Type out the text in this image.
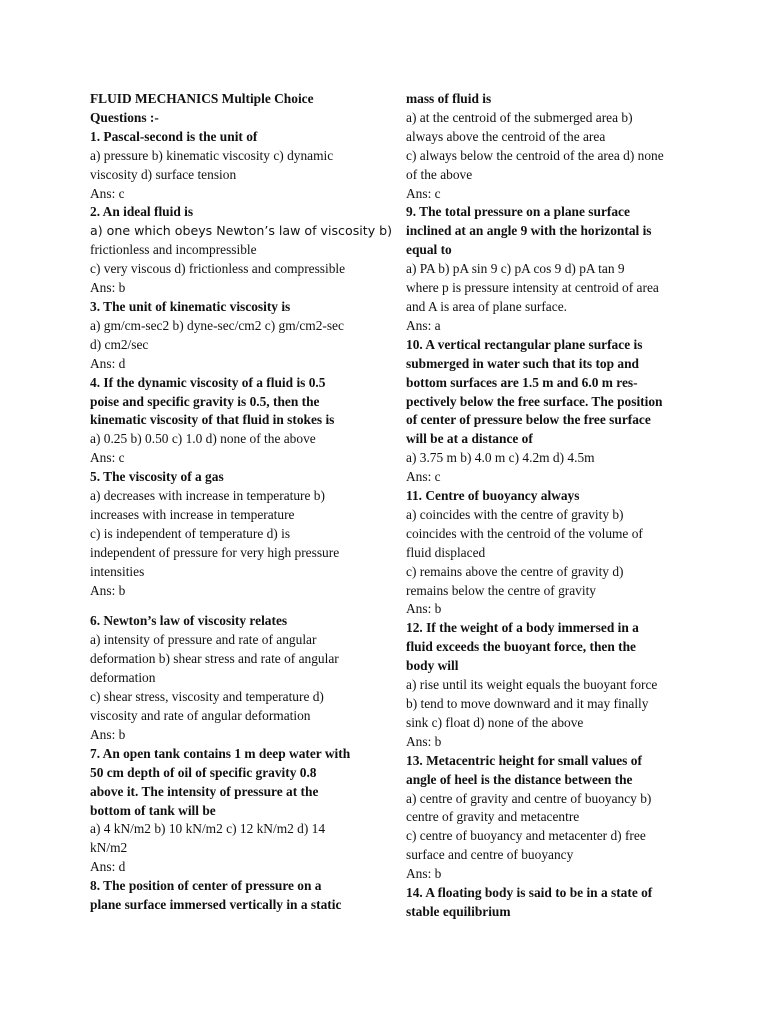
FLUID MECHANICS Multiple Choice
Questions :-
1. Pascal-second is the unit of
a) pressure b) kinematic viscosity c) dynamic
viscosity d) surface tension
Ans: c
2. An ideal fluid is
a) one which obeys Newton’s law of viscosity b)
frictionless and incompressible
c) very viscous d) frictionless and compressible
Ans: b
3. The unit of kinematic viscosity is
a) gm/cm-sec2 b) dyne-sec/cm2 c) gm/cm2-sec
d) cm2/sec
Ans: d
4. If the dynamic viscosity of a fluid is 0.5
poise and specific gravity is 0.5, then the
kinematic viscosity of that fluid in stokes is
a) 0.25 b) 0.50 c) 1.0 d) none of the above
Ans: c
5. The viscosity of a gas
a) decreases with increase in temperature b)
increases with increase in temperature
c) is independent of temperature d) is
independent of pressure for very high pressure
intensities
Ans: b
6. Newton’s law of viscosity relates
a) intensity of pressure and rate of angular
deformation b) shear stress and rate of angular
deformation
c) shear stress, viscosity and temperature d)
viscosity and rate of angular deformation
Ans: b
7. An open tank contains 1 m deep water with
50 cm depth of oil of specific gravity 0.8
above it. The intensity of pressure at the
bottom of tank will be
a) 4 kN/m2 b) 10 kN/m2 c) 12 kN/m2 d) 14
kN/m2
Ans: d
8. The position of center of pressure on a
plane surface immersed vertically in a static
mass of fluid is
a) at the centroid of the submerged area b)
always above the centroid of the area
c) always below the centroid of the area d) none
of the above
Ans: c
9. The total pressure on a plane surface
inclined at an angle 9 with the horizontal is
equal to
a) PA b) pA sin 9 c) pA cos 9 d) pA tan 9
where p is pressure intensity at centroid of area
and A is area of plane surface.
Ans: a
10. A vertical rectangular plane surface is
submerged in water such that its top and
bottom surfaces are 1.5 m and 6.0 m res-
pectively below the free surface. The position
of center of pressure below the free surface
will be at a distance of
a) 3.75 m b) 4.0 m c) 4.2m d) 4.5m
Ans: c
11. Centre of buoyancy always
a) coincides with the centre of gravity b)
coincides with the centroid of the volume of
fluid displaced
c) remains above the centre of gravity d)
remains below the centre of gravity
Ans: b
12. If the weight of a body immersed in a
fluid exceeds the buoyant force, then the
body will
a) rise until its weight equals the buoyant force
b) tend to move downward and it may finally
sink c) float d) none of the above
Ans: b
13. Metacentric height for small values of
angle of heel is the distance between the
a) centre of gravity and centre of buoyancy b)
centre of gravity and metacentre
c) centre of buoyancy and metacenter d) free
surface and centre of buoyancy
Ans: b
14. A floating body is said to be in a state of
stable equilibrium
